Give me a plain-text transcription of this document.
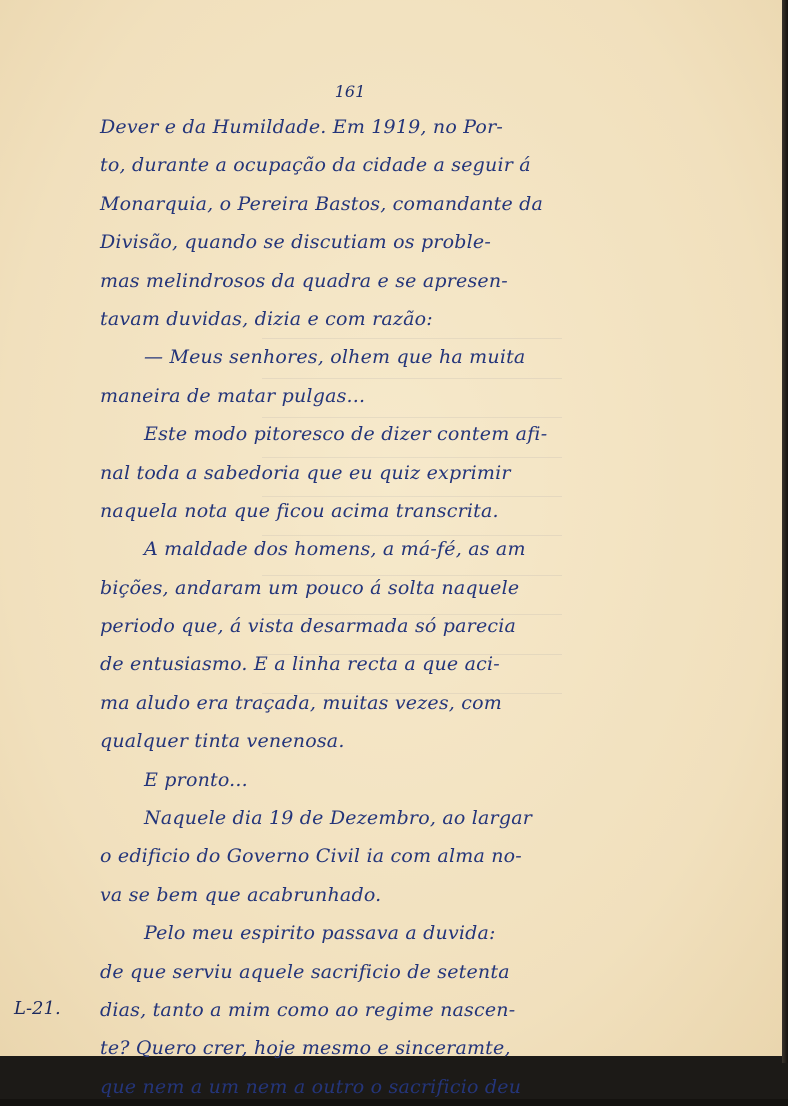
161
Dever e da Humildade. Em 1919, no Por-
to, durante a ocupação da cidade a seguir á
Monarquia, o Pereira Bastos, comandante da
Divisão, quando se discutiam os proble-
mas melindrosos da quadra e se apresen-
tavam duvidas, dizia e com razão:
— Meus senhores, olhem que ha muita
maneira de matar pulgas...
Este modo pitoresco de dizer contem afi-
nal toda a sabedoria que eu quiz exprimir
naquela nota que ficou acima transcrita.
A maldade dos homens, a má-fé, as am
bições, andaram um pouco á solta naquele
periodo que, á vista desarmada só parecia
de entusiasmo. E a linha recta a que aci-
ma aludo era traçada, muitas vezes, com
qualquer tinta venenosa.
E pronto...
Naquele dia 19 de Dezembro, ao largar
o edificio do Governo Civil ia com alma no-
va se bem que acabrunhado.
Pelo meu espirito passava a duvida:
de que serviu aquele sacrificio de setenta
dias, tanto a mim como ao regime nascen-
te? Quero crer, hoje mesmo e sinceramte,
que nem a um nem a outro o sacrificio deu
L-21.
